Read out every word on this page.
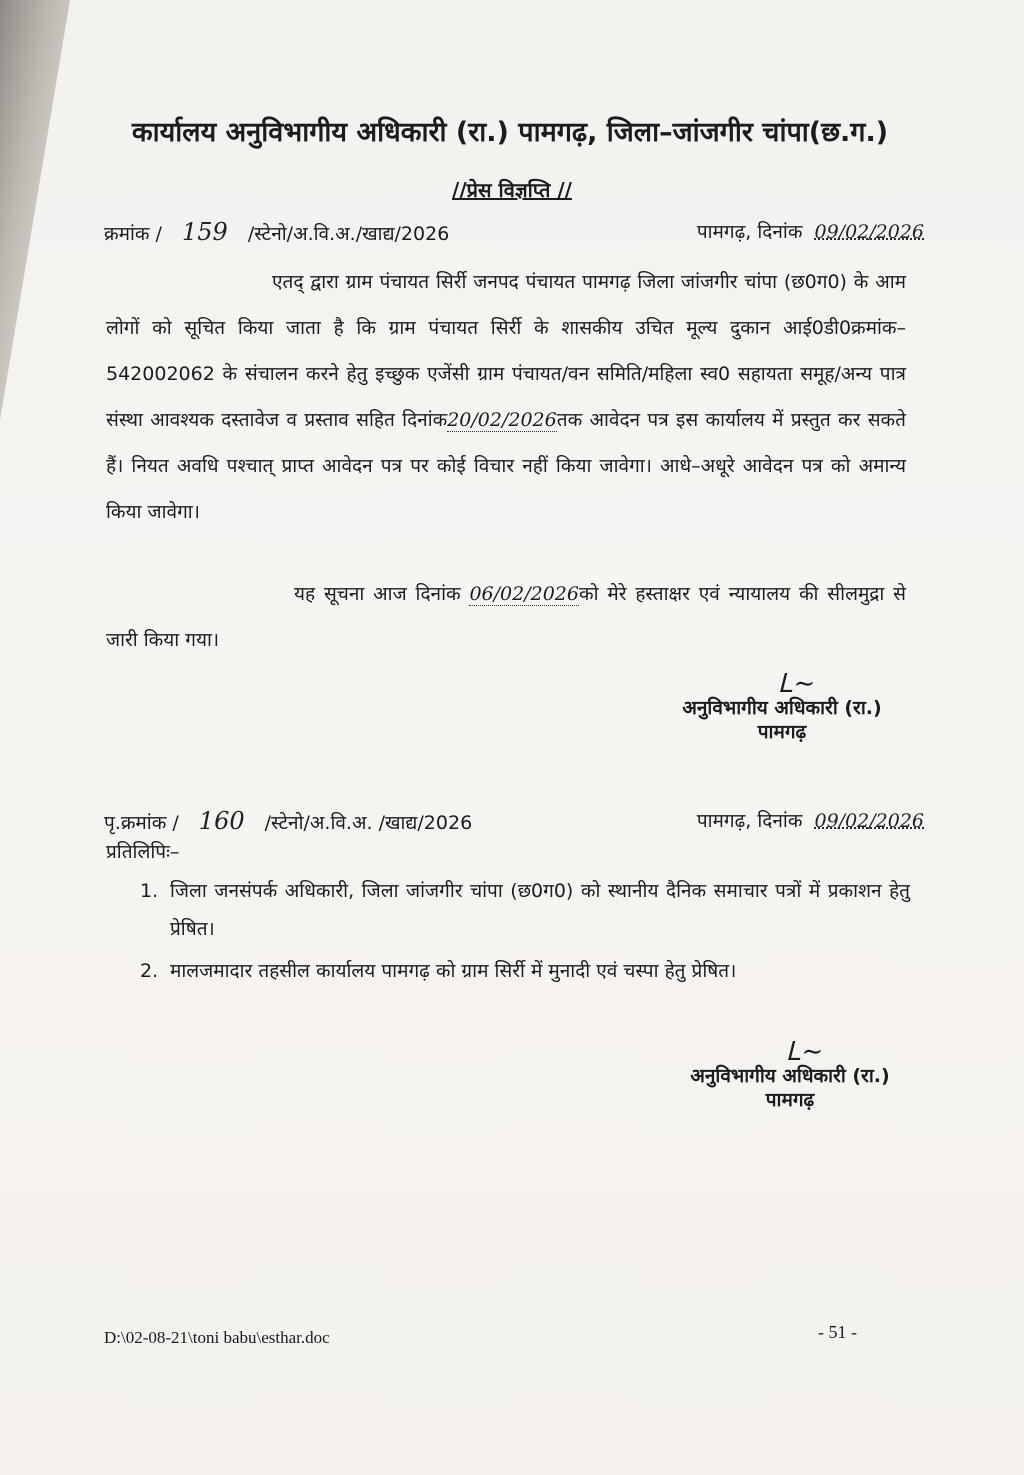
कार्यालय अनुविभागीय अधिकारी (रा.) पामगढ़, जिला–जांजगीर चांपा(छ.ग.)
//प्रेस विज्ञप्ति //
क्रमांक / 159 /स्टेनो/अ.वि.अ./खाद्य/2026	पामगढ़, दिनांक 09/02/2026
एतद् द्वारा ग्राम पंचायत सिर्री जनपद पंचायत पामगढ़ जिला जांजगीर चांपा (छ0ग0) के आम लोगों को सूचित किया जाता है कि ग्राम पंचायत सिर्री के शासकीय उचित मूल्य दुकान आई0डी0क्रमांक–542002062 के संचालन करने हेतु इच्छुक एजेंसी ग्राम पंचायत/वन समिति/महिला स्व0 सहायता समूह/अन्य पात्र संस्था आवश्यक दस्तावेज व प्रस्ताव सहित दिनांक20/02/2026तक आवेदन पत्र इस कार्यालय में प्रस्तुत कर सकते हैं। नियत अवधि पश्चात् प्राप्त आवेदन पत्र पर कोई विचार नहीं किया जावेगा। आधे–अधूरे आवेदन पत्र को अमान्य किया जावेगा।
यह सूचना आज दिनांक 06/02/2026को मेरे हस्ताक्षर एवं न्यायालय की सीलमुद्रा से जारी किया गया।
Ꮮ∼
अनुविभागीय अधिकारी (रा.)
पामगढ़
पृ.क्रमांक / 160 /स्टेनो/अ.वि.अ. /खाद्य/2026	पामगढ़, दिनांक 09/02/2026
प्रतिलिपिः–
1. जिला जनसंपर्क अधिकारी, जिला जांजगीर चांपा (छ0ग0) को स्थानीय दैनिक समाचार पत्रों में प्रकाशन हेतु प्रेषित।
2. मालजमादार तहसील कार्यालय पामगढ़ को ग्राम सिर्री में मुनादी एवं चस्पा हेतु प्रेषित।
Ꮮ∼
अनुविभागीय अधिकारी (रा.)
पामगढ़
D:\02-08-21\toni babu\esthar.doc	- 51 -
